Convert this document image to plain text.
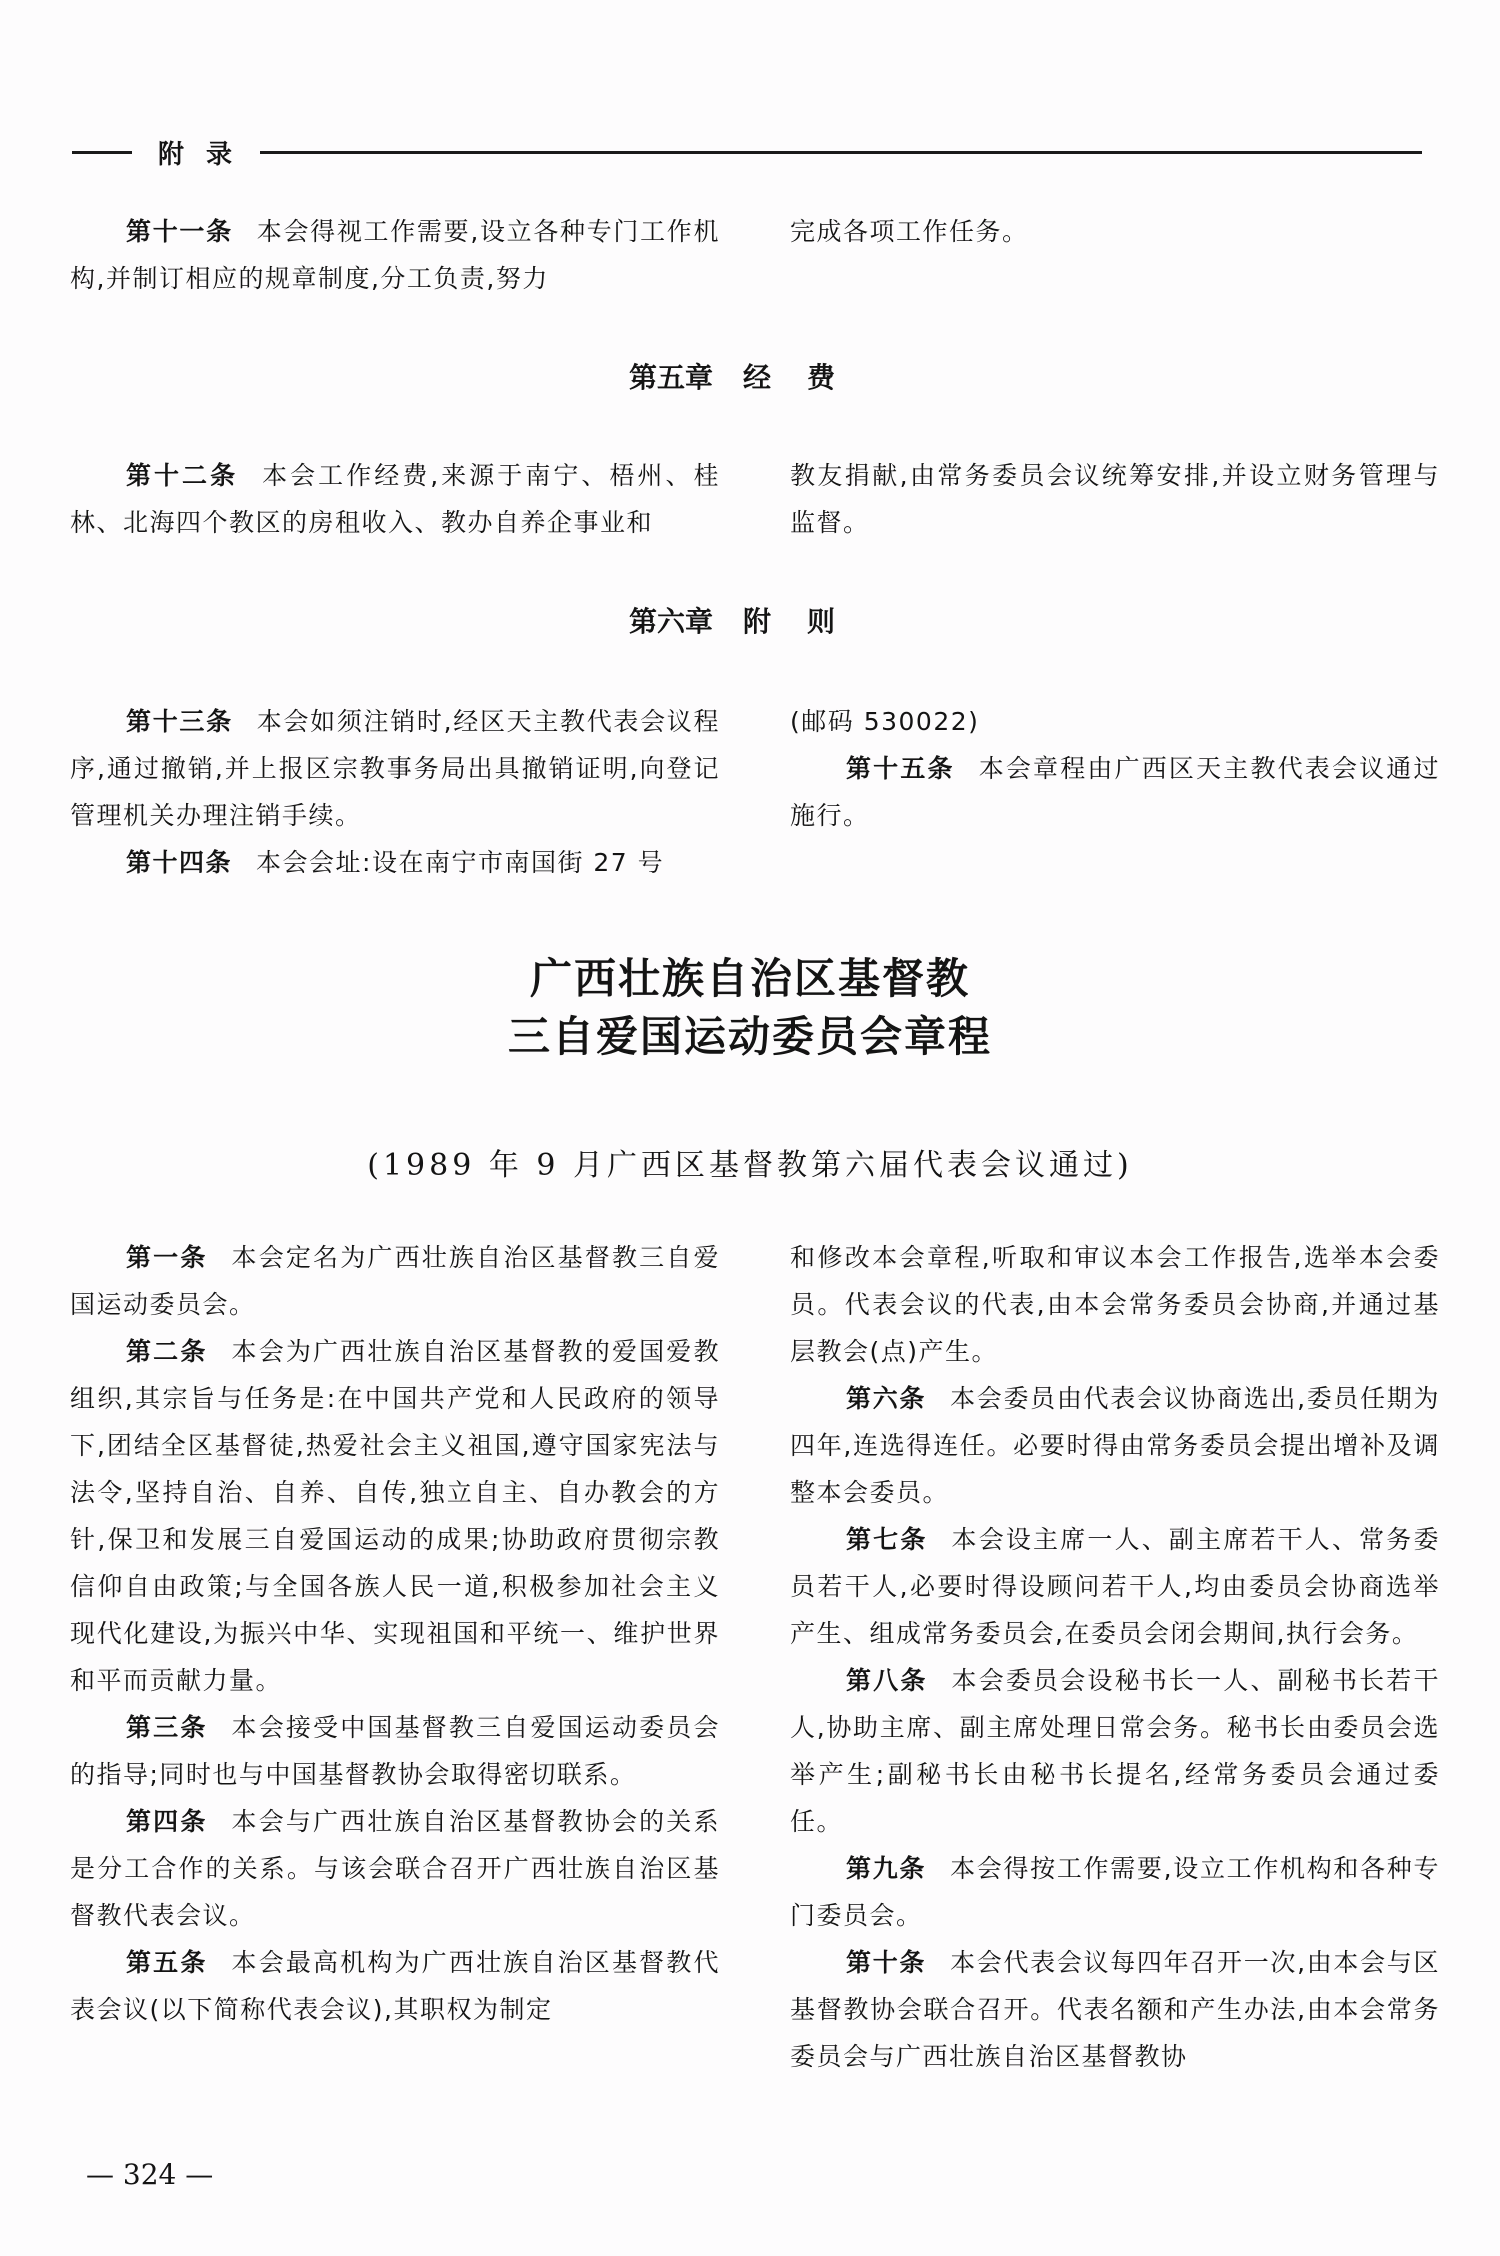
附录

第十一条 本会得视工作需要,设立各种专门工作机构,并制订相应的规章制度,分工负责,努力

完成各项工作任务。

第五章 经费

第十二条 本会工作经费,来源于南宁、梧州、桂林、北海四个教区的房租收入、教办自养企事业和

教友捐献,由常务委员会议统筹安排,并设立财务管理与监督。

第六章 附则

第十三条 本会如须注销时,经区天主教代表会议程序,通过撤销,并上报区宗教事务局出具撤销证明,向登记管理机关办理注销手续。

第十四条 本会会址:设在南宁市南国街 27 号

(邮码 530022)

第十五条 本会章程由广西区天主教代表会议通过施行。

广西壮族自治区基督教
三自爱国运动委员会章程
(1989 年 9 月广西区基督教第六届代表会议通过)

第一条 本会定名为广西壮族自治区基督教三自爱国运动委员会。

第二条 本会为广西壮族自治区基督教的爱国爱教组织,其宗旨与任务是:在中国共产党和人民政府的领导下,团结全区基督徒,热爱社会主义祖国,遵守国家宪法与法令,坚持自治、自养、自传,独立自主、自办教会的方针,保卫和发展三自爱国运动的成果;协助政府贯彻宗教信仰自由政策;与全国各族人民一道,积极参加社会主义现代化建设,为振兴中华、实现祖国和平统一、维护世界和平而贡献力量。

第三条 本会接受中国基督教三自爱国运动委员会的指导;同时也与中国基督教协会取得密切联系。

第四条 本会与广西壮族自治区基督教协会的关系是分工合作的关系。与该会联合召开广西壮族自治区基督教代表会议。

第五条 本会最高机构为广西壮族自治区基督教代表会议(以下简称代表会议),其职权为制定

和修改本会章程,听取和审议本会工作报告,选举本会委员。代表会议的代表,由本会常务委员会协商,并通过基层教会(点)产生。

第六条 本会委员由代表会议协商选出,委员任期为四年,连选得连任。必要时得由常务委员会提出增补及调整本会委员。

第七条 本会设主席一人、副主席若干人、常务委员若干人,必要时得设顾问若干人,均由委员会协商选举产生、组成常务委员会,在委员会闭会期间,执行会务。

第八条 本会委员会设秘书长一人、副秘书长若干人,协助主席、副主席处理日常会务。秘书长由委员会选举产生;副秘书长由秘书长提名,经常务委员会通过委任。

第九条 本会得按工作需要,设立工作机构和各种专门委员会。

第十条 本会代表会议每四年召开一次,由本会与区基督教协会联合召开。代表名额和产生办法,由本会常务委员会与广西壮族自治区基督教协

— 324 —
